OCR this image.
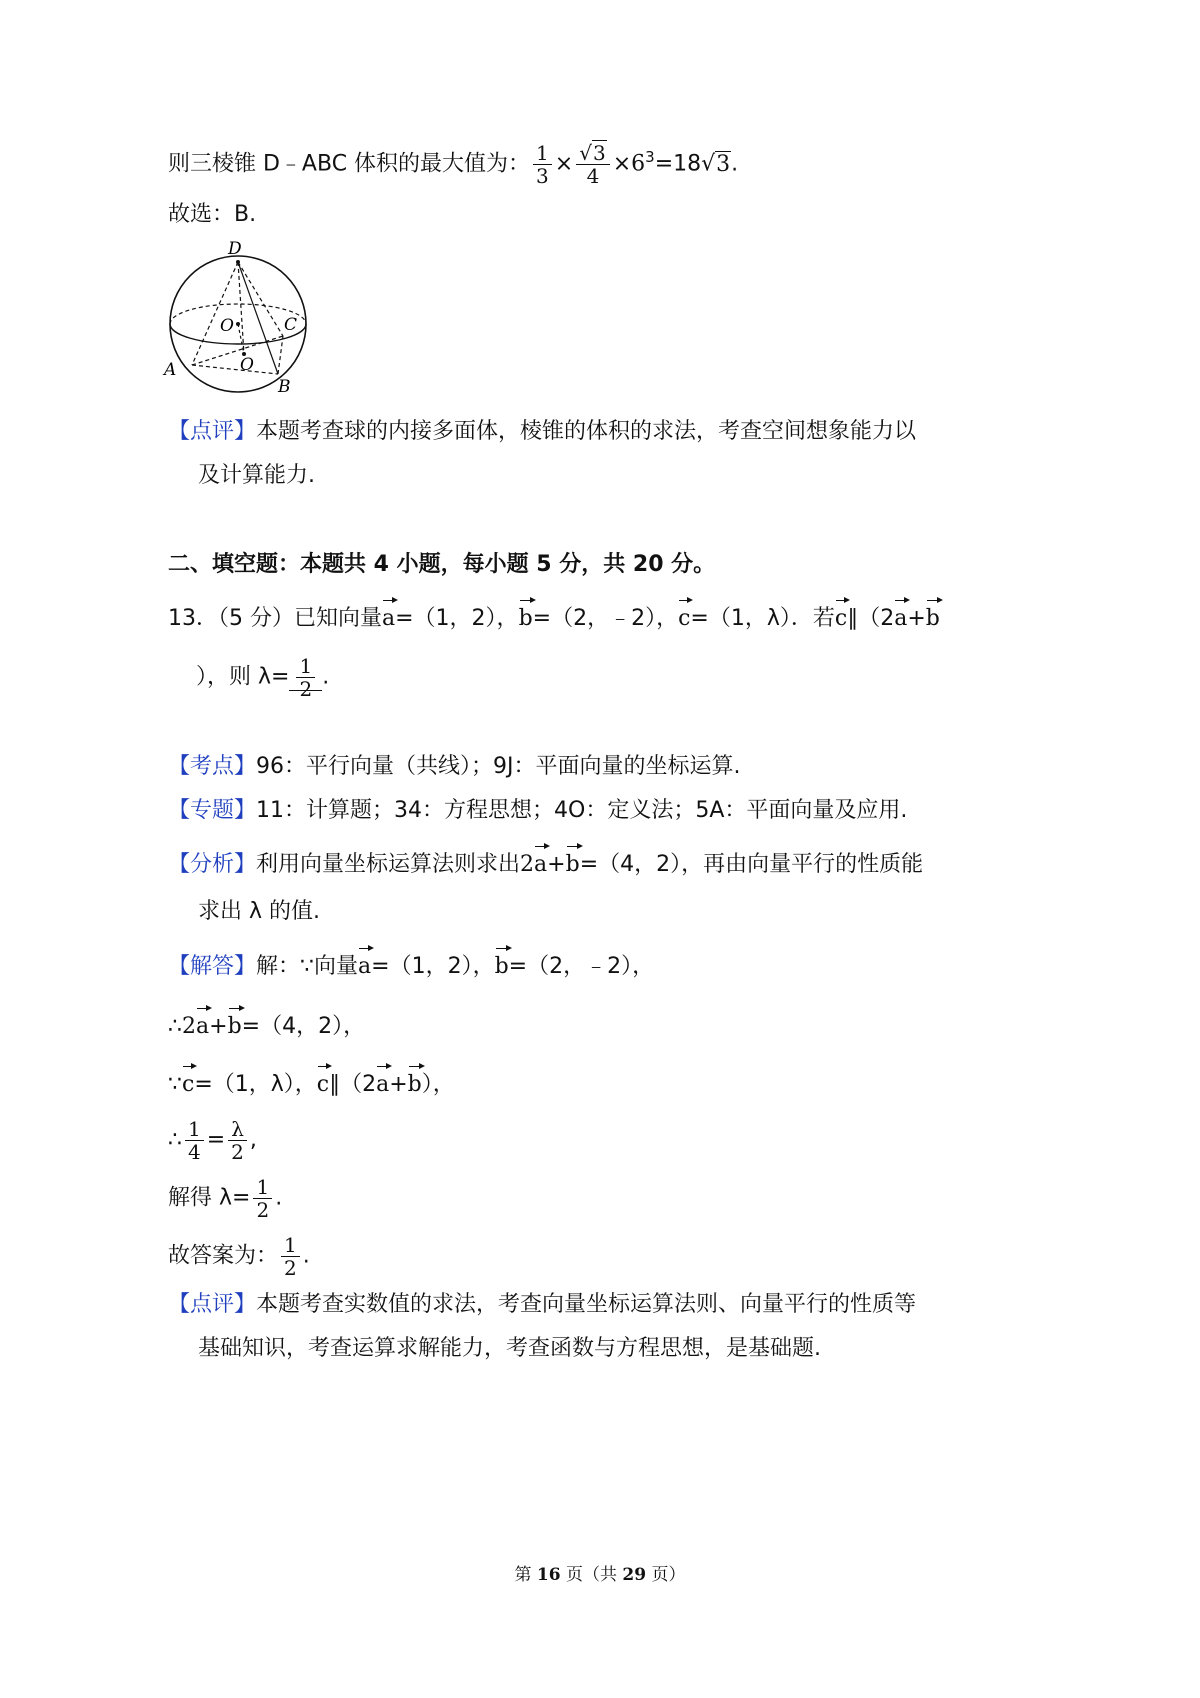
则三棱锥 D﹣ABC 体积的最大值为： $\frac{1}{3} \times \frac{√3}{4} \times 6^3=18√3$.
故选：B.
D
O	C
A	O
B
【点评】本题考查球的内接多面体，棱锥的体积的求法，考查空间想象能力以
及计算能力.
二、填空题：本题共 4 小题，每小题 5 分，共 20 分。
13．（5 分）已知向量a=（1，2），b=（2，﹣2），c=（1，λ）．若c∥（2a+b
），则 $\lambda= \frac{1}{2}$ .
【考点】96：平行向量（共线）；9J：平面向量的坐标运算.
【专题】11：计算题；34：方程思想；4O：定义法；5A：平面向量及应用.
【分析】利用向量坐标运算法则求出2a+b=（4，2），再由向量平行的性质能
求出 λ 的值.
【解答】解：∵向量a=（1，2），b=（2，﹣2），
∴2a+b=（4，2），
∵c=（1，λ），c∥（2a+b），
∴ $\frac{1}{4} = \frac{\lambda}{2}$ ,
解得 $\lambda= \frac{1}{2}$ .
故答案为： $\frac{1}{2}$ .
【点评】本题考查实数值的求法，考查向量坐标运算法则、向量平行的性质等
基础知识，考查运算求解能力，考查函数与方程思想，是基础题.
第 16 页（共 29 页）
